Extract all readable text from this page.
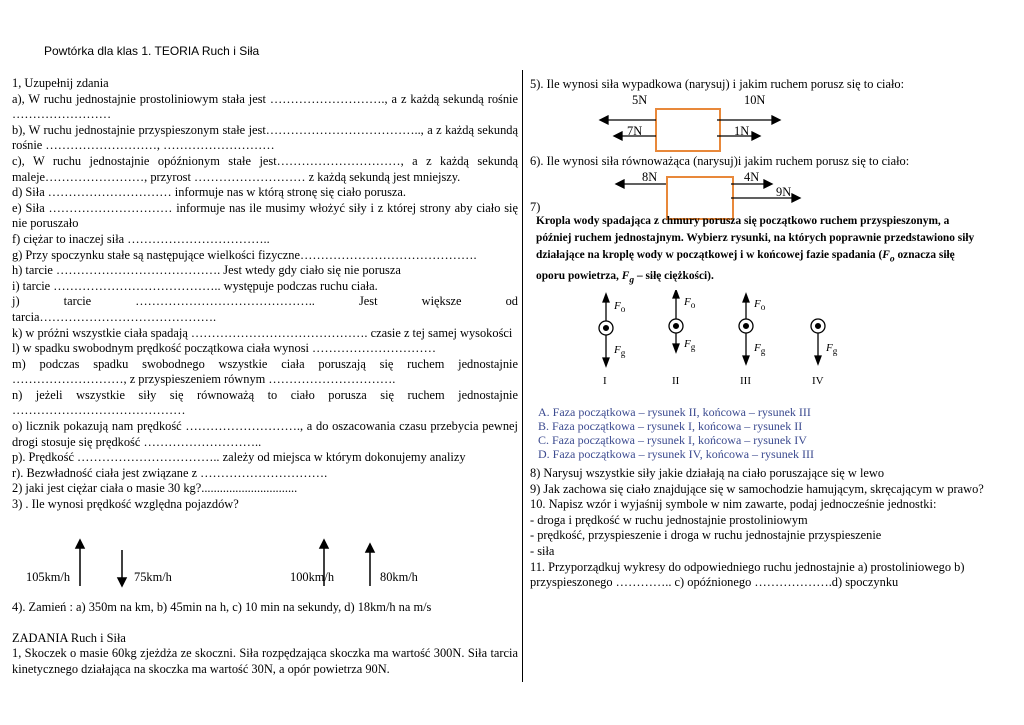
Powtórka dla klas 1. TEORIA Ruch i Siła

1, Uzupełnij zdania

a), W ruchu jednostajnie prostoliniowym stała jest ………………………., a z każdą sekundą rośnie ……………………

b), W ruchu jednostajnie przyspieszonym stałe jest……………………………….., a z każdą sekundą rośnie ………………………, ………………………

c), W ruchu jednostajnie opóźnionym stałe jest…………………………, a z każdą sekundą maleje……………………, przyrost ……………………… z każdą sekundą jest mniejszy.

d) Siła ………………………… informuje nas w którą stronę się ciało porusza.

e) Siła ………………………… informuje nas ile musimy włożyć siły i z której strony aby ciało się nie poruszało

f) ciężar to inaczej siła ……………………………..

g) Przy spoczynku stałe są następujące wielkości fizyczne…………………………………….

h) tarcie …………………………………. Jest wtedy gdy ciało się nie porusza

i) tarcie ………………………………….. występuje podczas ruchu ciała.

j) tarcie …………………………………….. Jest większe od tarcia…………………………………….

k) w próżni wszystkie ciała spadają ……………………………………. czasie z tej samej wysokości

l) w spadku swobodnym prędkość początkowa ciała wynosi …………………………

m) podczas spadku swobodnego wszystkie ciała poruszają się ruchem jednostajnie ………………………, z przyspieszeniem równym ………………………….

n) jeżeli wszystkie siły się równoważą to ciało porusza się ruchem jednostajnie ……………………………………

o) licznik pokazują nam prędkość ………………………., a do oszacowania czasu przebycia pewnej drogi stosuje się prędkość ………………………..

p). Prędkość …………………………….. zależy od miejsca w którym dokonujemy analizy

r). Bezwładność ciała jest związane z ………………………….

2) jaki jest ciężar ciała o masie 30 kg?...............................

3) . Ile wynosi prędkość względna pojazdów?

105km/h	75km/h	100km/h	80km/h
4). Zamień : a) 350m na km, b) 45min na h, c) 10 min na sekundy, d) 18km/h na m/s
ZADANIA Ruch i Siła
1, Skoczek o masie 60kg zjeżdża ze skoczni. Siła rozpędzająca skoczka ma wartość 300N. Siła tarcia kinetycznego działająca na skoczka ma wartość 30N, a opór powietrza 90N.
5). Ile wynosi siła wypadkowa (narysuj) i jakim ruchem porusz się to ciało:
5N	10N
7N	1N
6). Ile wynosi siła równoważąca (narysuj)i jakim ruchem porusz się to ciało:
8N	4N
9N
7)
Kropla wody spadająca z chmury porusza się początkowo ruchem przyspieszonym, a później ruchem jednostajnym. Wybierz rysunki, na których poprawnie przedstawiono siły działające na kroplę wody w początkowej i w końcowej fazie spadania ($F_o$ oznacza siłę oporu powietrza, $F_g$ – siłę ciężkości).
$F_o$
$F_g$
$F_o$
$F_g$
$F_o$
$F_g$	$F_g$
I	II	III	IV
A. Faza początkowa – rysunek II, końcowa – rysunek III
B. Faza początkowa – rysunek I, końcowa – rysunek II
C. Faza początkowa – rysunek I, końcowa – rysunek IV
D. Faza początkowa – rysunek IV, końcowa – rysunek III
8) Narysuj wszystkie siły jakie działają na ciało poruszające się w lewo
9) Jak zachowa się ciało znajdujące się w samochodzie hamującym, skręcającym w prawo?
10. Napisz wzór i wyjaśnij symbole w nim zawarte, podaj jednocześnie jednostki:
- droga i prędkość w ruchu jednostajnie prostoliniowym
- prędkość, przyspieszenie i droga w ruchu jednostajnie przyspieszenie
- siła
11. Przyporządkuj wykresy do odpowiedniego ruchu jednostajnie a) prostoliniowego b) przyspieszonego ………….. c) opóźnionego ……………….d) spoczynku
